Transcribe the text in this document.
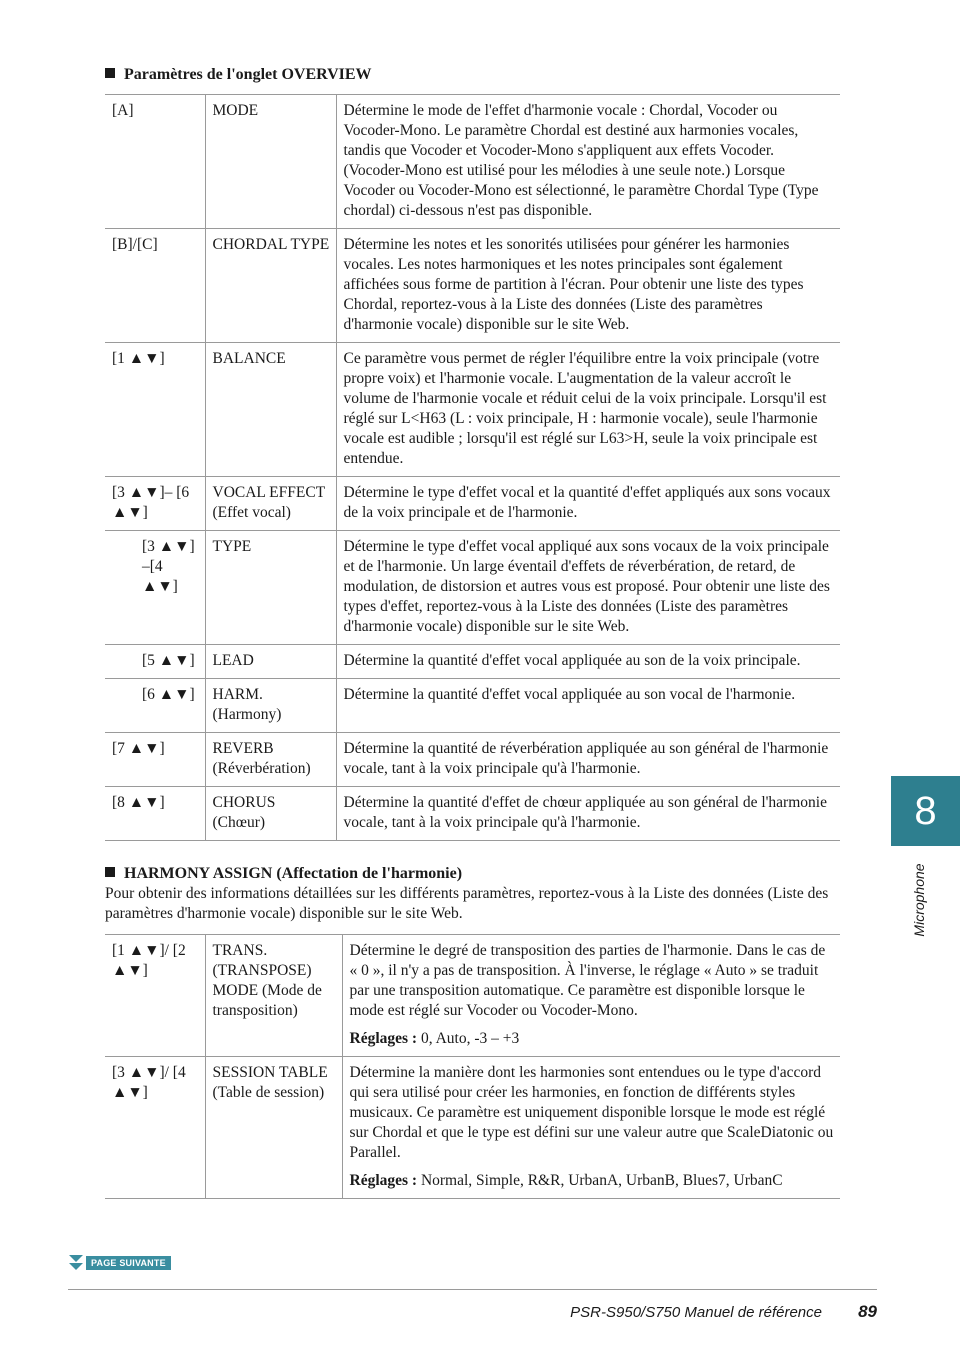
Paramètres de l'onglet OVERVIEW
[A]	MODE	Détermine le mode de l'effet d'harmonie vocale : Chordal, Vocoder ou Vocoder-Mono. Le paramètre Chordal est destiné aux harmonies vocales, tandis que Vocoder et Vocoder-Mono s'appliquent aux effets Vocoder. (Vocoder-Mono est utilisé pour les mélodies à une seule note.) Lorsque Vocoder ou Vocoder-Mono est sélectionné, le paramètre Chordal Type (Type chordal) ci-dessous n'est pas disponible.
[B]/[C]	CHORDAL TYPE	Détermine les notes et les sonorités utilisées pour générer les harmonies vocales. Les notes harmoniques et les notes principales sont également affichées sous forme de partition à l'écran. Pour obtenir une liste des types Chordal, reportez-vous à la Liste des données (Liste des paramètres d'harmonie vocale) disponible sur le site Web.
[1 ▲▼]	BALANCE	Ce paramètre vous permet de régler l'équilibre entre la voix principale (votre propre voix) et l'harmonie vocale. L'augmentation de la valeur accroît le volume de l'harmonie vocale et réduit celui de la voix principale. Lorsqu'il est réglé sur L<H63 (L : voix principale, H : harmonie vocale), seule l'harmonie vocale est audible ; lorsqu'il est réglé sur L63>H, seule la voix principale est entendue.
[3 ▲▼]– [6 ▲▼]	VOCAL EFFECT (Effet vocal)	Détermine le type d'effet vocal et la quantité d'effet appliqués aux sons vocaux de la voix principale et de l'harmonie.
[3 ▲▼] –[4 ▲▼]	TYPE	Détermine le type d'effet vocal appliqué aux sons vocaux de la voix principale et de l'harmonie. Un large éventail d'effets de réverbération, de retard, de modulation, de distorsion et autres vous est proposé. Pour obtenir une liste des types d'effet, reportez-vous à la Liste des données (Liste des paramètres d'harmonie vocale) disponible sur le site Web.
[5 ▲▼]	LEAD	Détermine la quantité d'effet vocal appliquée au son de la voix principale.
[6 ▲▼]	HARM. (Harmony)	Détermine la quantité d'effet vocal appliquée au son vocal de l'harmonie.
[7 ▲▼]	REVERB (Réverbération)	Détermine la quantité de réverbération appliquée au son général de l'harmonie vocale, tant à la voix principale qu'à l'harmonie.
[8 ▲▼]	CHORUS (Chœur)	Détermine la quantité d'effet de chœur appliquée au son général de l'harmonie vocale, tant à la voix principale qu'à l'harmonie.
HARMONY ASSIGN (Affectation de l'harmonie)
Pour obtenir des informations détaillées sur les différents paramètres, reportez-vous à la Liste des données (Liste des paramètres d'harmonie vocale) disponible sur le site Web.
[1 ▲▼]/ [2 ▲▼]	TRANS. (TRANSPOSE) MODE (Mode de transposition)	Détermine le degré de transposition des parties de l'harmonie. Dans le cas de « 0 », il n'y a pas de transposition. À l'inverse, le réglage « Auto » se traduit par une transposition automatique. Ce paramètre est disponible lorsque le mode est réglé sur Vocoder ou Vocoder-Mono.
Réglages : 0, Auto, -3 – +3

[3 ▲▼]/ [4 ▲▼]	SESSION TABLE (Table de session)	Détermine la manière dont les harmonies sont entendues ou le type d'accord qui sera utilisé pour créer les harmonies, en fonction de différents styles musicaux. Ce paramètre est uniquement disponible lorsque le mode est réglé sur Chordal et que le type est défini sur une valeur autre que ScaleDiatonic ou Parallel.
Réglages : Normal, Simple, R&R, UrbanA, UrbanB, Blues7, UrbanC
8
Microphone
PAGE SUIVANTE
PSR-S950/S750 Manuel de référence 89
